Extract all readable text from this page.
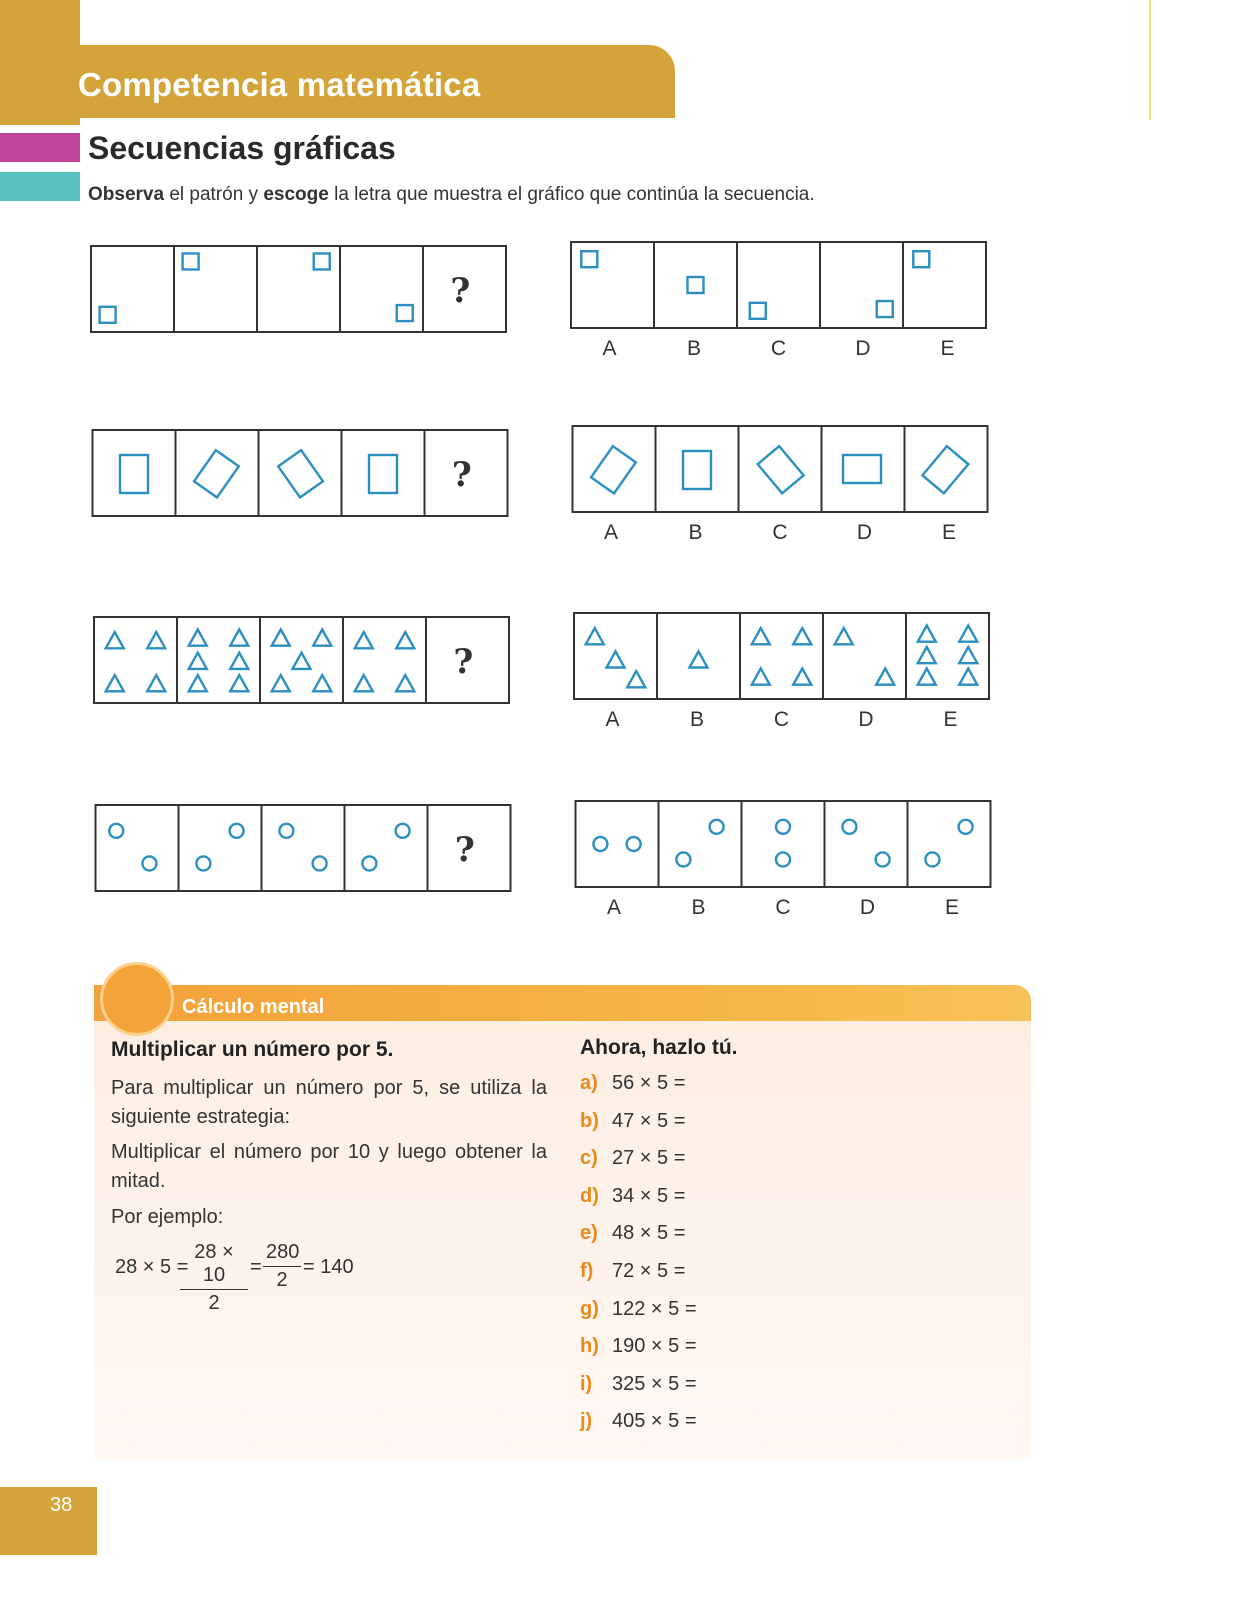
Competencia matemática
Secuencias gráficas
Observa el patrón y escoge la letra que muestra el gráfico que continúa la secuencia.
?
A	B	C	D	E
?
A	B	C	D	E
?
A	B	C	D	E
?
A	B	C	D	E
Cálculo mental
Multiplicar un número por 5.
Para multiplicar un número por 5, se utiliza la siguiente estrategia:
Multiplicar el número por 10 y luego obtener la mitad.
Por ejemplo:
28 × 5 =
$\frac{28 \times 10}{2} = \frac{280}{2} = 140$
Ahora, hazlo tú.
a) 56 × 5 =
b) 47 × 5 =
c) 27 × 5 =
d) 34 × 5 =
e) 48 × 5 =
f) 72 × 5 =
g) 122 × 5 =
h) 190 × 5 =
i) 325 × 5 =
j) 405 × 5 =
38
